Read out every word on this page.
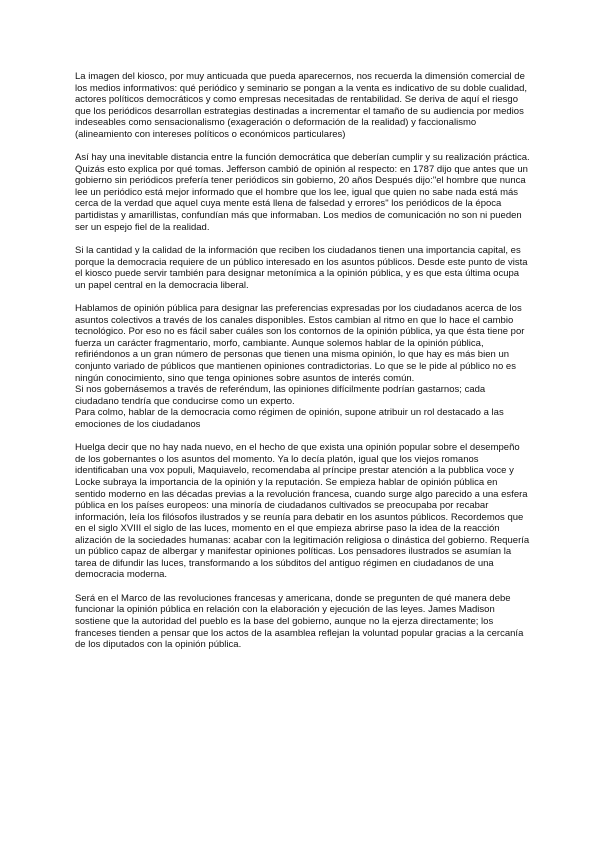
La imagen del kiosco, por muy anticuada que pueda aparecernos, nos recuerda la dimensión comercial de los medios informativos: qué periódico y seminario se pongan a la venta es indicativo de su doble cualidad, actores políticos democráticos y como empresas necesitadas de rentabilidad. Se deriva de aquí el riesgo que los periódicos desarrollan estrategias destinadas a incrementar el tamaño de su audiencia por medios indeseables como sensacionalismo (exageración o deformación de la realidad) y faccionalismo (alineamiento con intereses políticos o económicos particulares)

Así hay una inevitable distancia entre la función democrática que deberían cumplir y su realización práctica. Quizás esto explica por qué tomas. Jefferson cambió de opinión al respecto: en 1787 dijo que antes que un gobierno sin periódicos prefería tener periódicos sin gobierno, 20 años Después dijo:"el hombre que nunca lee un periódico está mejor informado que el hombre que los lee, igual que quien no sabe nada está más cerca de la verdad que aquel cuya mente está llena de falsedad y errores" los periódicos de la época partidistas y amarillistas, confundían más que informaban. Los medios de comunicación no son ni pueden ser un espejo fiel de la realidad.

Si la cantidad y la calidad de la información que reciben los ciudadanos tienen una importancia capital, es porque la democracia requiere de un público interesado en los asuntos públicos. Desde este punto de vista el kiosco puede servir también para designar metonímica a la opinión pública, y es que esta última ocupa un papel central en la democracia liberal.

Hablamos de opinión pública para designar las preferencias expresadas por los ciudadanos acerca de los asuntos colectivos a través de los canales disponibles. Estos cambian al ritmo en que lo hace el cambio tecnológico. Por eso no es fácil saber cuáles son los contornos de la opinión pública, ya que ésta tiene por fuerza un carácter fragmentario, morfo, cambiante. Aunque solemos hablar de la opinión pública, refiriéndonos a un gran número de personas que tienen una misma opinión, lo que hay es más bien un conjunto variado de públicos que mantienen opiniones contradictorias. Lo que se le pide al público no es ningún conocimiento, sino que tenga opiniones sobre asuntos de interés común.

Si nos gobernásemos a través de referéndum, las opiniones difícilmente podrían gastarnos; cada ciudadano tendría que conducirse como un experto.

Para colmo, hablar de la democracia como régimen de opinión, supone atribuir un rol destacado a las emociones de los ciudadanos

Huelga decir que no hay nada nuevo, en el hecho de que exista una opinión popular sobre el desempeño de los gobernantes o los asuntos del momento. Ya lo decía platón, igual que los viejos romanos identificaban una vox populi, Maquiavelo, recomendaba al príncipe prestar atención a la pubblica voce y Locke subraya la importancia de la opinión y la reputación. Se empieza hablar de opinión pública en sentido moderno en las décadas previas a la revolución francesa, cuando surge algo parecido a una esfera pública en los países europeos: una minoría de ciudadanos cultivados se preocupaba por recabar información, leía los filósofos ilustrados y se reunía para debatir en los asuntos públicos. Recordemos que en el siglo XVIII el siglo de las luces, momento en el que empieza abrirse paso la idea de la reacción alización de la sociedades humanas: acabar con la legitimación religiosa o dinástica del gobierno. Requería un público capaz de albergar y manifestar opiniones políticas. Los pensadores ilustrados se asumían la tarea de difundir las luces, transformando a los súbditos del antiguo régimen en ciudadanos de una democracia moderna.

Será en el Marco de las revoluciones francesas y americana, donde se pregunten de qué manera debe funcionar la opinión pública en relación con la elaboración y ejecución de las leyes. James Madison sostiene que la autoridad del pueblo es la base del gobierno, aunque no la ejerza directamente; los franceses tienden a pensar que los actos de la asamblea reflejan la voluntad popular gracias a la cercanía de los diputados con la opinión pública.
